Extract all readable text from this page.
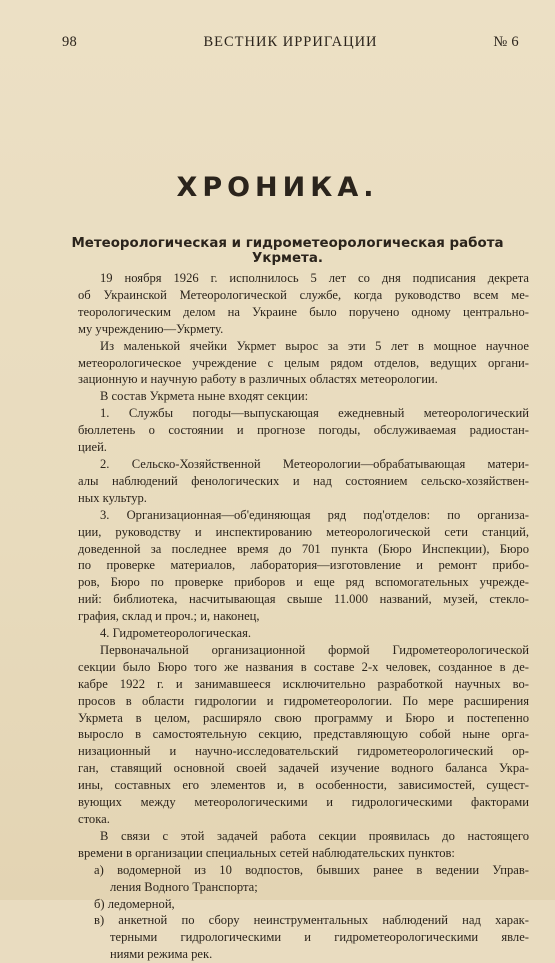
98	ВЕСТНИК ИРРИГАЦИИ	№ 6
ХРОНИКА.
Метеорологическая и гидрометеорологическая работа Укрмета.
19 ноября 1926 г. исполнилось 5 лет со дня подписания декрета
об Украинской Метеорологической службе, когда руководство всем ме-
теорологическим делом на Украине было поручено одному центрально-
му учреждению—Укрмету.
Из маленькой ячейки Укрмет вырос за эти 5 лет в мощное научное
метеорологическое учреждение с целым рядом отделов, ведущих органи-
зационную и научную работу в различных областях метеорологии.
В состав Укрмета ныне входят секции:
1. Службы погоды—выпускающая ежедневный метеорологический
бюллетень о состоянии и прогнозе погоды, обслуживаемая радиостан-
цией.
2. Сельско-Хозяйственной Метеорологии—обрабатывающая матери-
алы наблюдений фенологических и над состоянием сельско-хозяйствен-
ных культур.
3. Организационная—об'единяющая ряд под'отделов: по организа-
ции, руководству и инспектированию метеорологической сети станций,
доведенной за последнее время до 701 пункта (Бюро Инспекции), Бюро
по проверке материалов, лаборатория—изготовление и ремонт прибо-
ров, Бюро по проверке приборов и еще ряд вспомогательных учрежде-
ний: библиотека, насчитывающая свыше 11.000 названий, музей, стекло-
графия, склад и проч.; и, наконец,
4. Гидрометеорологическая.
Первоначальной организационной формой Гидрометеорологической
секции было Бюро того же названия в составе 2-х человек, созданное в де-
кабре 1922 г. и занимавшееся исключительно разработкой научных во-
просов в области гидрологии и гидрометеорологии. По мере расширения
Укрмета в целом, расширяло свою программу и Бюро и постепенно
выросло в самостоятельную секцию, представляющую собой ныне орга-
низационный и научно-исследовательский гидрометеорологический ор-
ган, ставящий основной своей задачей изучение водного баланса Укра-
ины, составных его элементов и, в особенности, зависимостей, сущест-
вующих между метеорологическими и гидрологическими факторами
стока.
В связи с этой задачей работа секции проявилась до настоящего
времени в организации специальных сетей наблюдательских пунктов:
а) водомерной из 10 водпостов, бывших ранее в ведении Управ-
ления Водного Транспорта;
б) ледомерной,
в) анкетной по сбору неинструментальных наблюдений над харак-
терными гидрологическими и гидрометеорологическими явле-
ниями режима рек.
